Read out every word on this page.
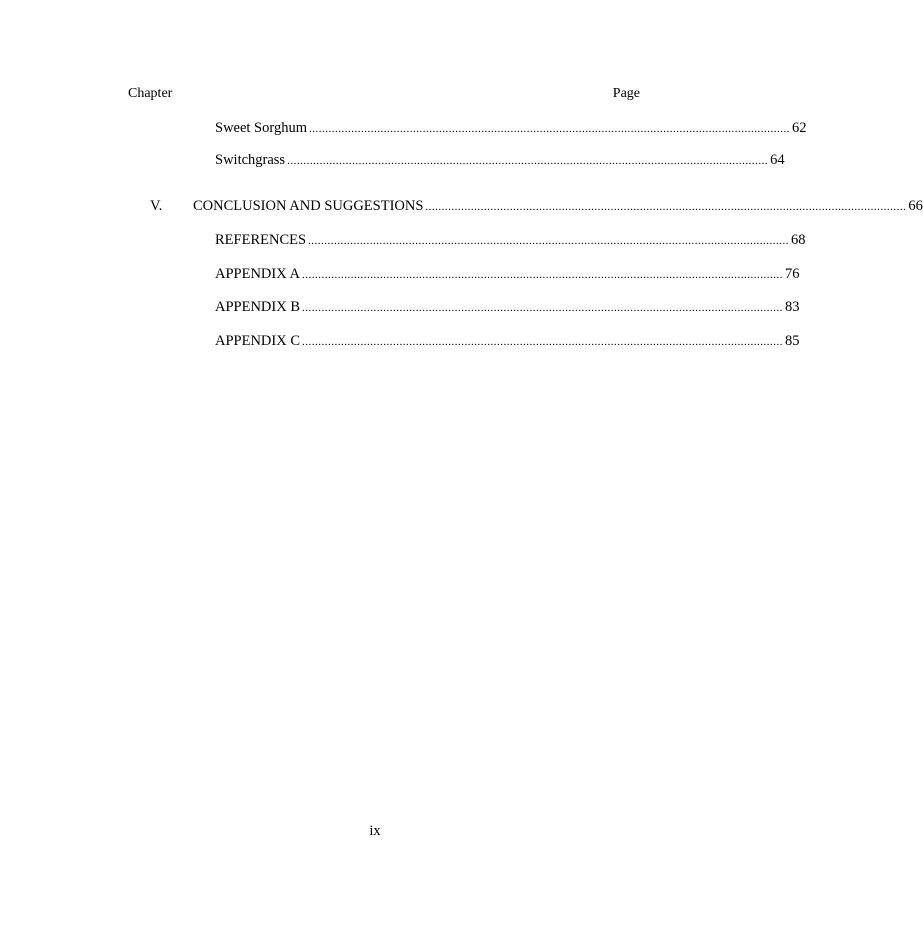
Chapter	Page
Sweet Sorghum .................................................................................................................................................... 62
Switchgrass .................................................................................................................................................... 64
V. CONCLUSION AND SUGGESTIONS .................................................................................................................................................... 66
REFERENCES .................................................................................................................................................... 68
APPENDIX A .................................................................................................................................................... 76
APPENDIX B .................................................................................................................................................... 83
APPENDIX C .................................................................................................................................................... 85
ix
